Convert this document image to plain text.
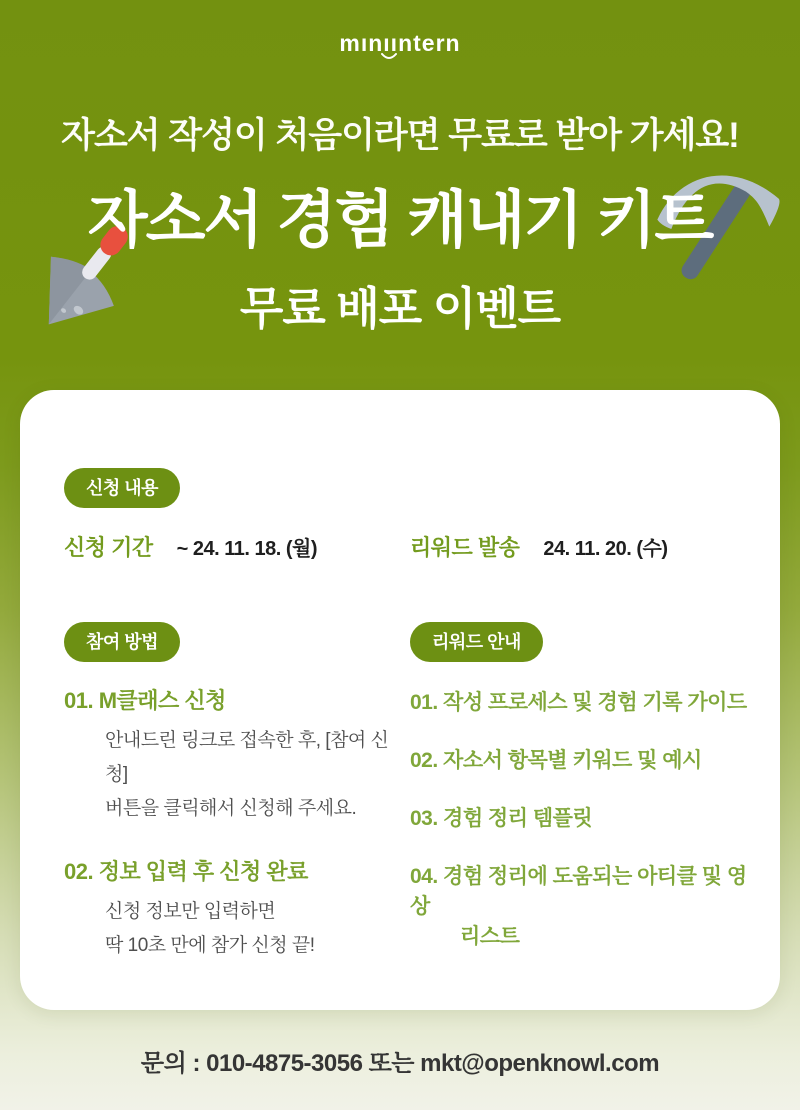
mınıı
ntern
자소서 작성이 처음이라면 무료로 받아 가세요!
자소서 경험 캐내기 키트
무료 배포 이벤트
신청 내용
신청 기간 ~ 24. 11. 18. (월)	리워드 발송 24. 11. 20. (수)
참여 방법	리워드 안내
01. M클래스 신청
안내드린 링크로 접속한 후, [참여 신청]
버튼을 클릭해서 신청해 주세요.
02. 정보 입력 후 신청 완료
신청 정보만 입력하면
딱 10초 만에 참가 신청 끝!
01. 작성 프로세스 및 경험 기록 가이드
02. 자소서 항목별 키워드 및 예시
03. 경험 정리 템플릿
04. 경험 정리에 도움되는 아티클 및 영상
리스트
문의 : 010-4875-3056 또는 mkt@openknowl.com
